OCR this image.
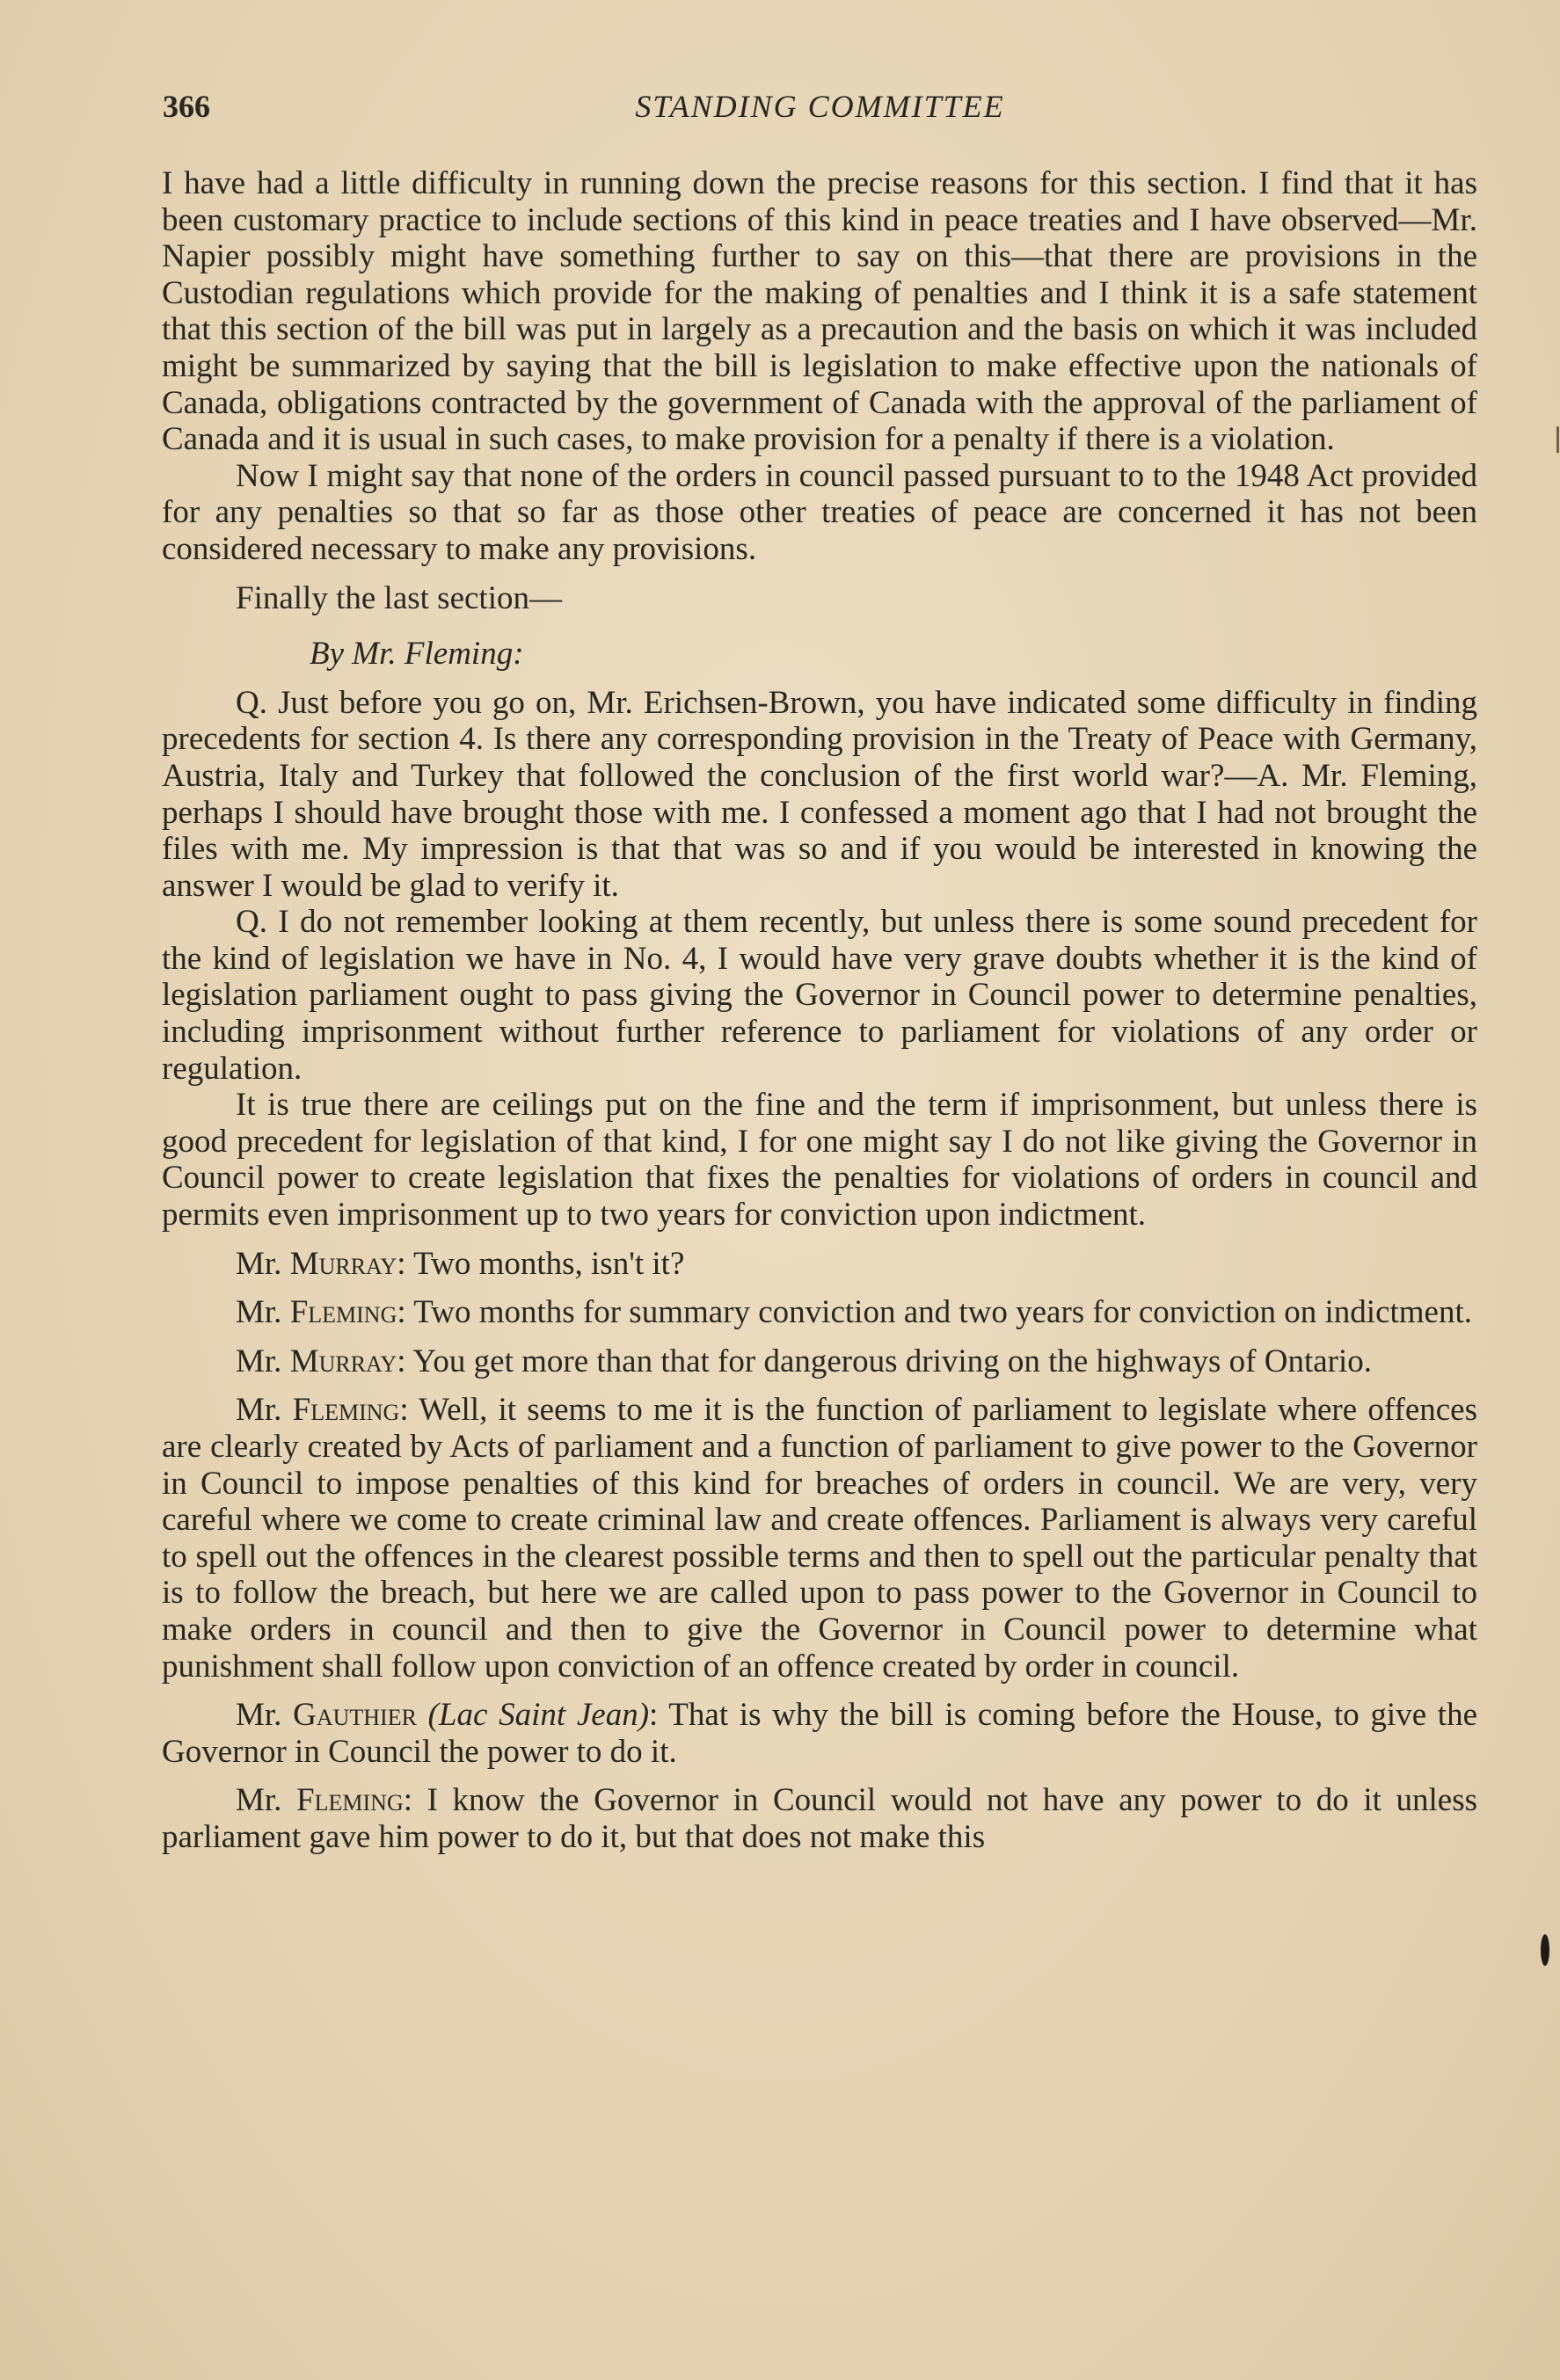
366	STANDING COMMITTEE

I have had a little difficulty in running down the precise reasons for this section. I find that it has been customary practice to include sections of this kind in peace treaties and I have observed—Mr. Napier possibly might have something further to say on this—that there are provisions in the Custodian regulations which provide for the making of penalties and I think it is a safe statement that this section of the bill was put in largely as a precaution and the basis on which it was included might be summarized by saying that the bill is legislation to make effective upon the nationals of Canada, obligations contracted by the government of Canada with the approval of the parliament of Canada and it is usual in such cases, to make provision for a penalty if there is a violation.

Now I might say that none of the orders in council passed pursuant to to the 1948 Act provided for any penalties so that so far as those other treaties of peace are concerned it has not been considered necessary to make any provisions.

Finally the last section—

By Mr. Fleming:

Q. Just before you go on, Mr. Erichsen-Brown, you have indicated some difficulty in finding precedents for section 4. Is there any corresponding provision in the Treaty of Peace with Germany, Austria, Italy and Turkey that followed the conclusion of the first world war?—A. Mr. Fleming, perhaps I should have brought those with me. I confessed a moment ago that I had not brought the files with me. My impression is that that was so and if you would be interested in knowing the answer I would be glad to verify it.

Q. I do not remember looking at them recently, but unless there is some sound precedent for the kind of legislation we have in No. 4, I would have very grave doubts whether it is the kind of legislation parliament ought to pass giving the Governor in Council power to determine penalties, including imprisonment without further reference to parliament for violations of any order or regulation.

It is true there are ceilings put on the fine and the term if imprisonment, but unless there is good precedent for legislation of that kind, I for one might say I do not like giving the Governor in Council power to create legislation that fixes the penalties for violations of orders in council and permits even imprisonment up to two years for conviction upon indictment.

Mr. Murray: Two months, isn't it?

Mr. Fleming: Two months for summary conviction and two years for conviction on indictment.

Mr. Murray: You get more than that for dangerous driving on the highways of Ontario.

Mr. Fleming: Well, it seems to me it is the function of parliament to legislate where offences are clearly created by Acts of parliament and a function of parliament to give power to the Governor in Council to impose penalties of this kind for breaches of orders in council. We are very, very careful where we come to create criminal law and create offences. Parliament is always very careful to spell out the offences in the clearest possible terms and then to spell out the particular penalty that is to follow the breach, but here we are called upon to pass power to the Governor in Council to make orders in council and then to give the Governor in Council power to determine what punishment shall follow upon conviction of an offence created by order in council.

Mr. Gauthier (Lac Saint Jean): That is why the bill is coming before the House, to give the Governor in Council the power to do it.

Mr. Fleming: I know the Governor in Council would not have any power to do it unless parliament gave him power to do it, but that does not make this
